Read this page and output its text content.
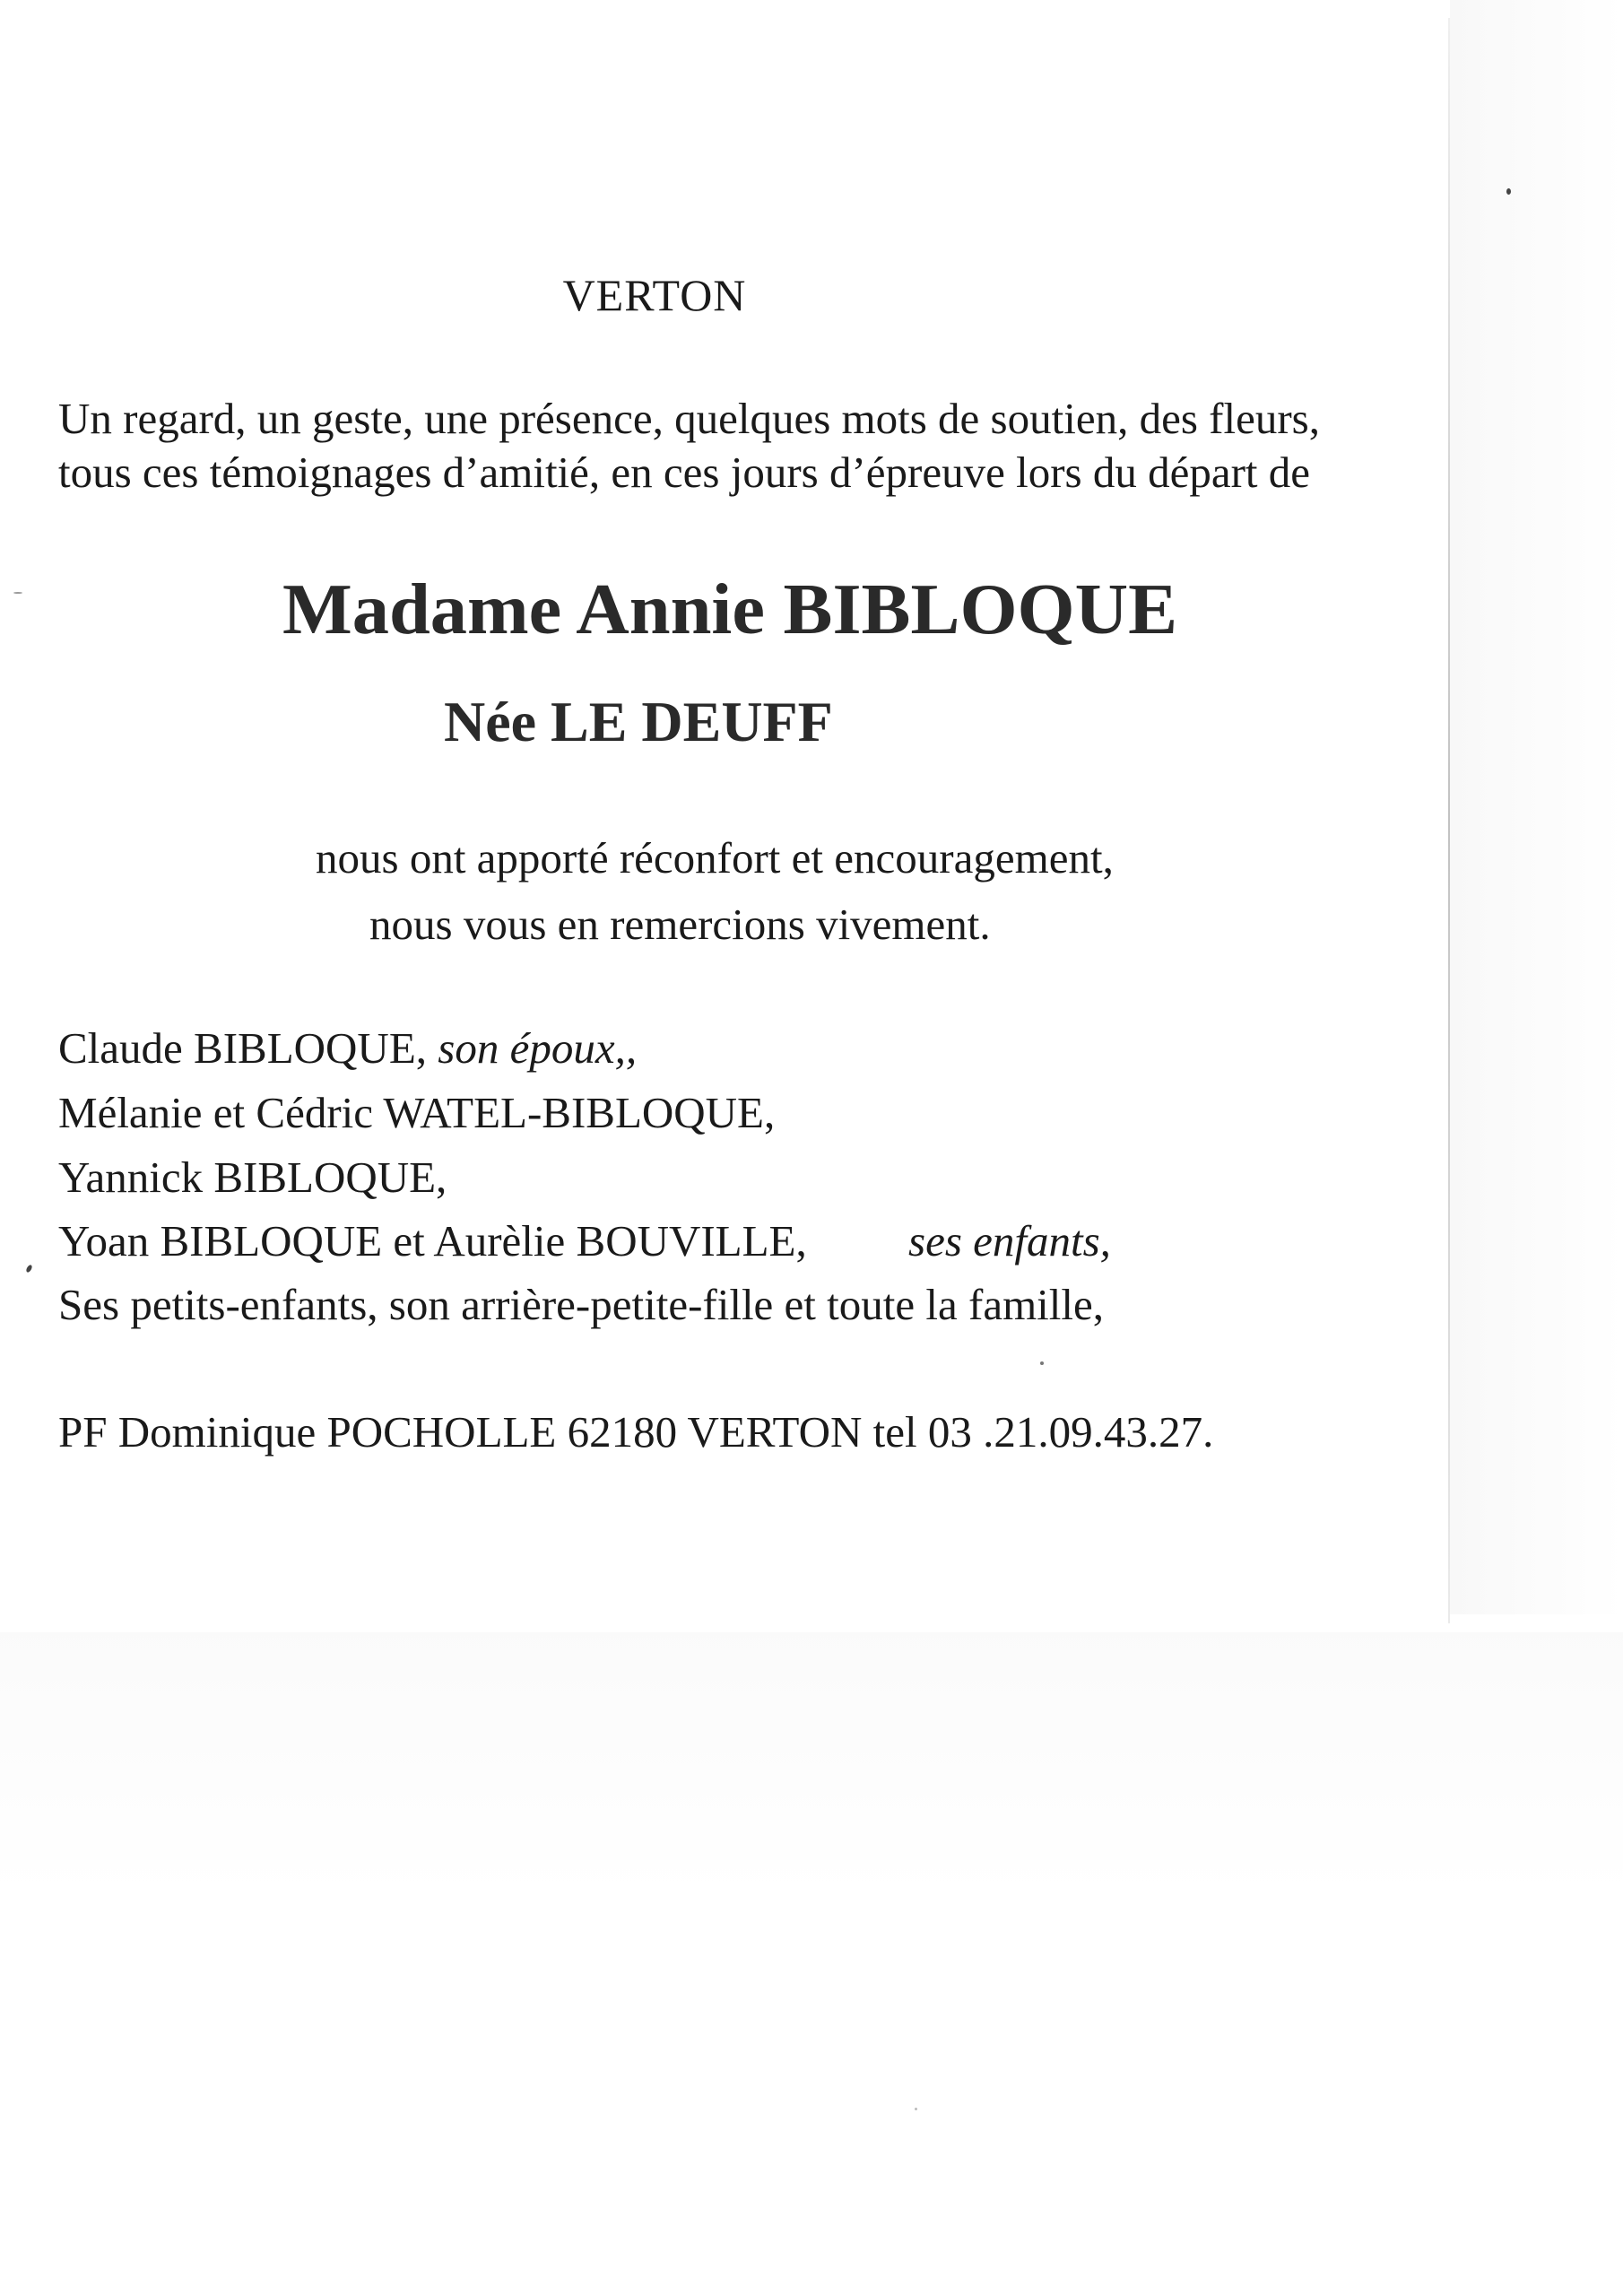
VERTON
Un regard, un geste, une présence, quelques mots de soutien, des fleurs,
tous ces témoignages d’amitié, en ces jours d’épreuve lors du départ de
Madame Annie BIBLOQUE
Née LE DEUFF
nous ont apporté réconfort et encouragement,
nous vous en remercions vivement.
Claude BIBLOQUE, son époux,,
Mélanie et Cédric WATEL-BIBLOQUE,
Yannick BIBLOQUE,
Yoan BIBLOQUE et Aurèlie BOUVILLE, ses enfants,
Ses petits-enfants, son arrière-petite-fille et toute la famille,
PF Dominique POCHOLLE 62180 VERTON tel 03 .21.09.43.27.
